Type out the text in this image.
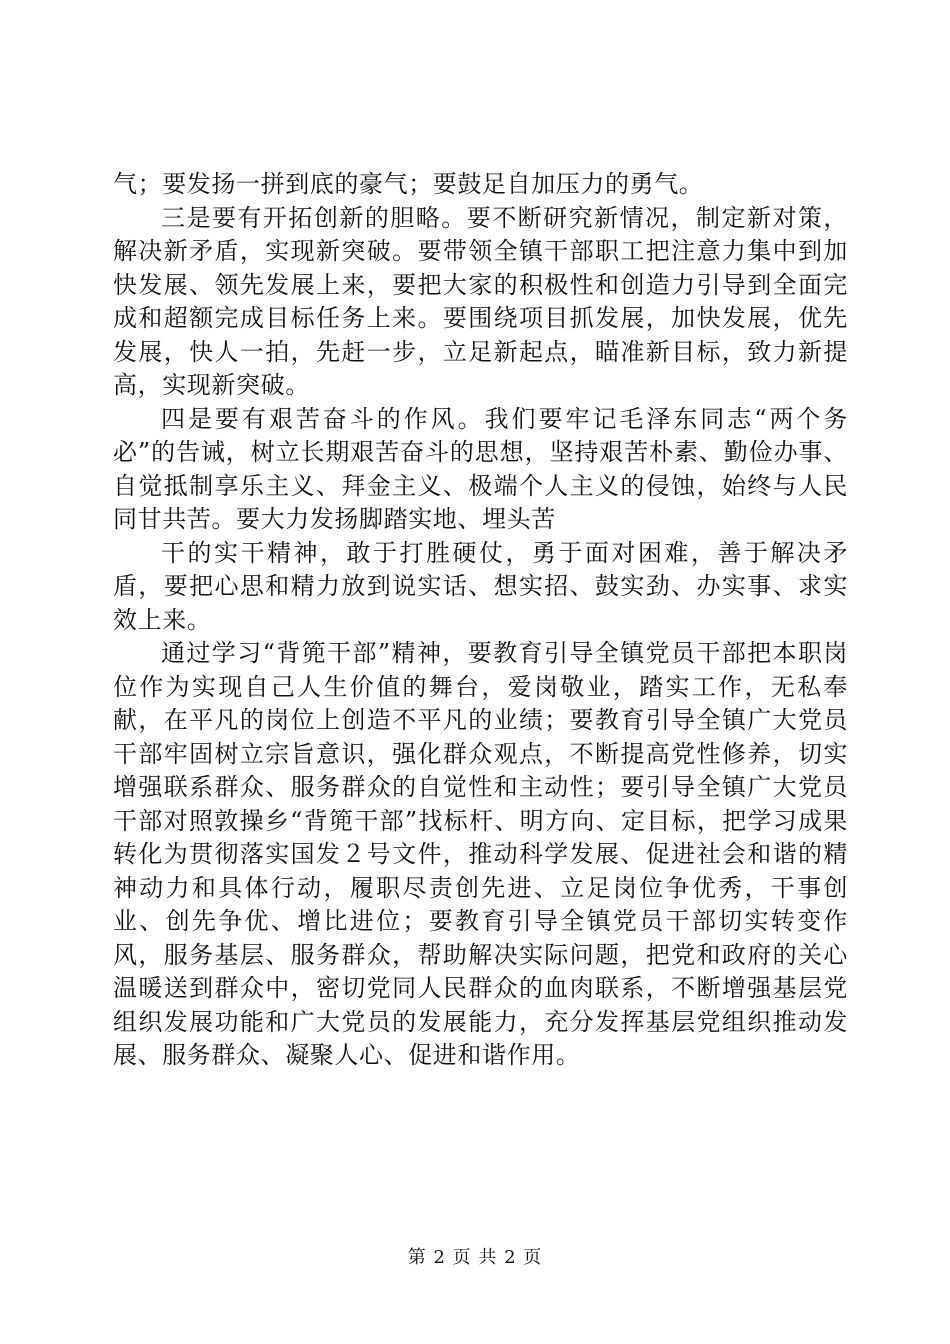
气；要发扬一拼到底的豪气；要鼓足自加压力的勇气。

三是要有开拓创新的胆略。要不断研究新情况，制定新对策，解决新矛盾，实现新突破。要带领全镇干部职工把注意力集中到加快发展、领先发展上来，要把大家的积极性和创造力引导到全面完成和超额完成目标任务上来。要围绕项目抓发展，加快发展，优先发展，快人一拍，先赶一步，立足新起点，瞄准新目标，致力新提高，实现新突破。

四是要有艰苦奋斗的作风。我们要牢记毛泽东同志“两个务必”的告诫，树立长期艰苦奋斗的思想，坚持艰苦朴素、勤俭办事、自觉抵制享乐主义、拜金主义、极端个人主义的侵蚀，始终与人民同甘共苦。要大力发扬脚踏实地、埋头苦

干的实干精神，敢于打胜硬仗，勇于面对困难，善于解决矛盾，要把心思和精力放到说实话、想实招、鼓实劲、办实事、求实效上来。

通过学习“背篼干部”精神，要教育引导全镇党员干部把本职岗位作为实现自己人生价值的舞台，爱岗敬业，踏实工作，无私奉献，在平凡的岗位上创造不平凡的业绩；要教育引导全镇广大党员干部牢固树立宗旨意识，强化群众观点，不断提高党性修养，切实增强联系群众、服务群众的自觉性和主动性；要引导全镇广大党员干部对照敦操乡“背篼干部”找标杆、明方向、定目标，把学习成果转化为贯彻落实国发２号文件，推动科学发展、促进社会和谐的精神动力和具体行动，履职尽责创先进、立足岗位争优秀，干事创业、创先争优、增比进位；要教育引导全镇党员干部切实转变作风，服务基层、服务群众，帮助解决实际问题，把党和政府的关心温暖送到群众中，密切党同人民群众的血肉联系，不断增强基层党组织发展功能和广大党员的发展能力，充分发挥基层党组织推动发展、服务群众、凝聚人心、促进和谐作用。

第 2 页 共 2 页
